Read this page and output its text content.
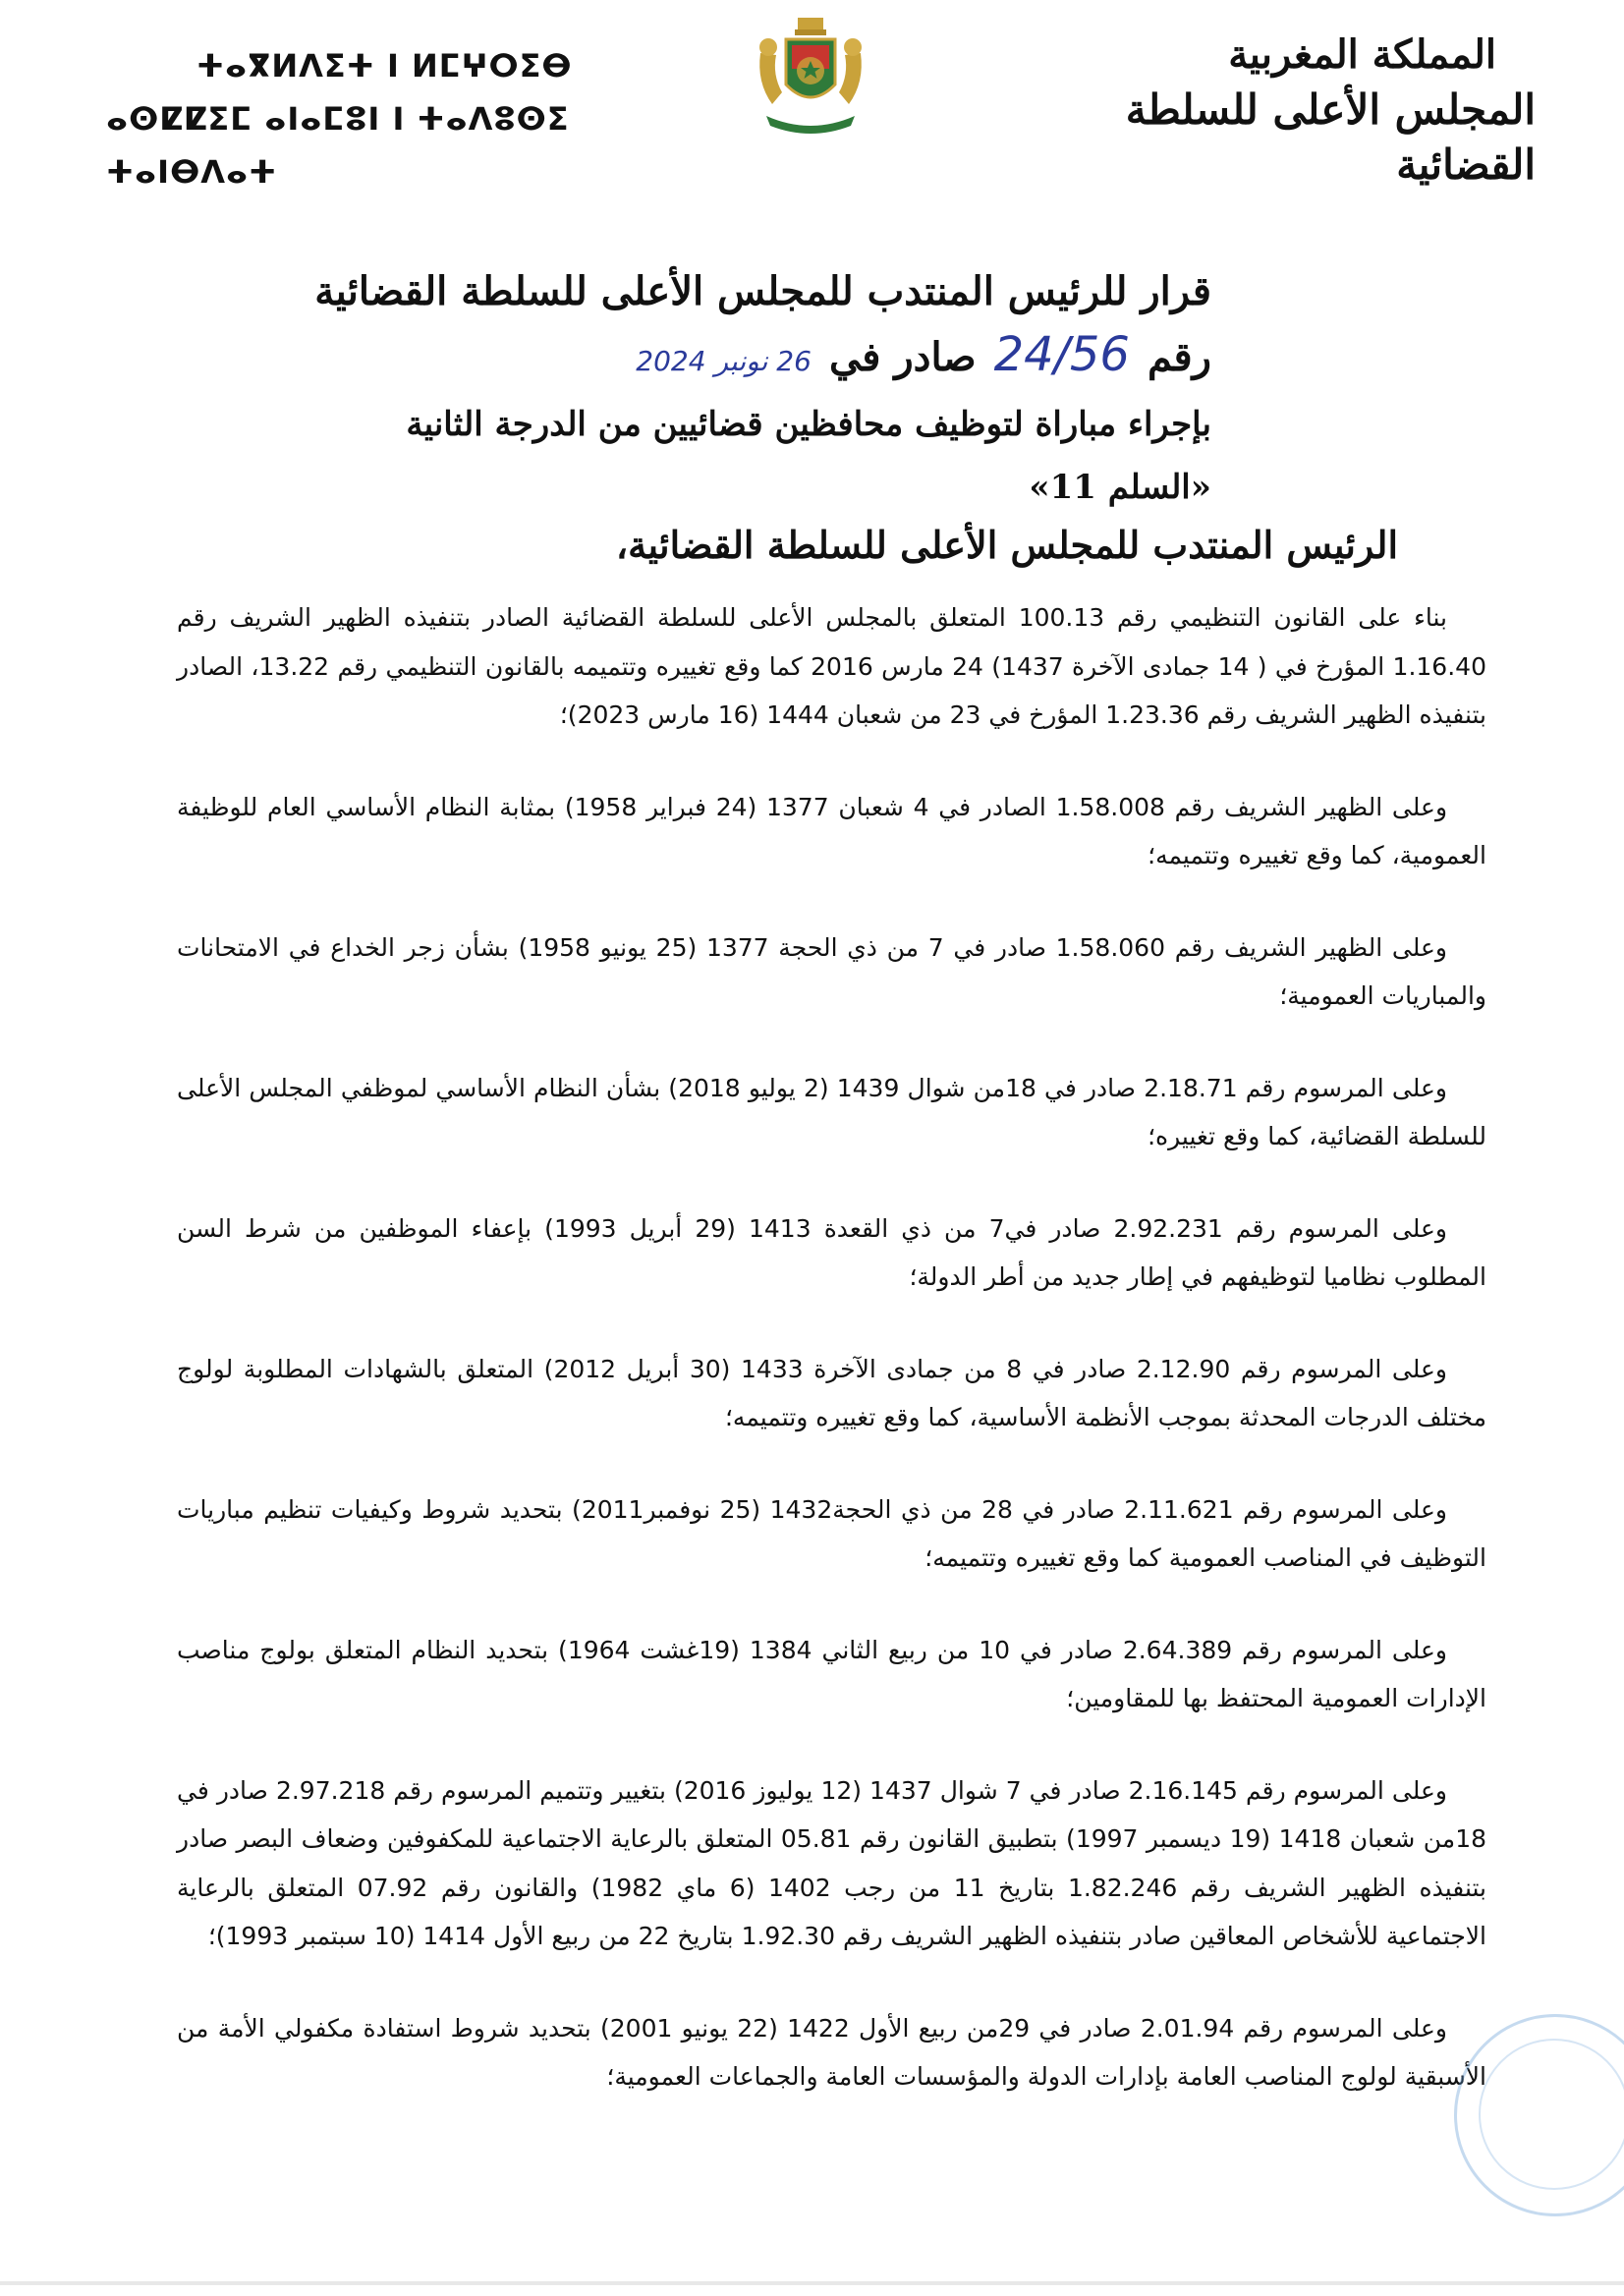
المملكة المغربية
المجلس الأعلى للسلطة القضائية
ⵜⴰⴳⵍⴷⵉⵜ ⵏ ⵍⵎⵖⵔⵉⴱ
ⴰⵙⵇⵇⵉⵎ ⴰⵏⴰⵎⵓⵏ ⵏ ⵜⴰⴷⵓⵙⵉ ⵜⴰⵏⴱⴷⴰⵜ
قرار للرئيس المنتدب للمجلس الأعلى للسلطة القضائية
رقم
24/56
صادر في
26 نونبر 2024
بإجراء مباراة لتوظيف محافظين قضائيين من الدرجة الثانية «السلم 11»
الرئيس المنتدب للمجلس الأعلى للسلطة القضائية،

بناء على القانون التنظيمي رقم 100.13 المتعلق بالمجلس الأعلى للسلطة القضائية الصادر بتنفيذه الظهير الشريف رقم 1.16.40 المؤرخ في ( 14 جمادى الآخرة 1437) 24 مارس 2016 كما وقع تغييره وتتميمه بالقانون التنظيمي رقم 13.22، الصادر بتنفيذه الظهير الشريف رقم 1.23.36 المؤرخ في 23 من شعبان 1444 (16 مارس 2023)؛

وعلى الظهير الشريف رقم 1.58.008 الصادر في 4 شعبان 1377 (24 فبراير 1958) بمثابة النظام الأساسي العام للوظيفة العمومية، كما وقع تغييره وتتميمه؛

وعلى الظهير الشريف رقم 1.58.060 صادر في 7 من ذي الحجة 1377 (25 يونيو 1958) بشأن زجر الخداع في الامتحانات والمباريات العمومية؛

وعلى المرسوم رقم 2.18.71 صادر في 18من شوال 1439 (2 يوليو 2018) بشأن النظام الأساسي لموظفي المجلس الأعلى للسلطة القضائية، كما وقع تغييره؛

وعلى المرسوم رقم 2.92.231 صادر في7 من ذي القعدة 1413 (29 أبريل 1993) بإعفاء الموظفين من شرط السن المطلوب نظاميا لتوظيفهم في إطار جديد من أطر الدولة؛

وعلى المرسوم رقم 2.12.90 صادر في 8 من جمادى الآخرة 1433 (30 أبريل 2012) المتعلق بالشهادات المطلوبة لولوج مختلف الدرجات المحدثة بموجب الأنظمة الأساسية، كما وقع تغييره وتتميمه؛

وعلى المرسوم رقم 2.11.621 صادر في 28 من ذي الحجة1432 (25 نوفمبر2011) بتحديد شروط وكيفيات تنظيم مباريات التوظيف في المناصب العمومية كما وقع تغييره وتتميمه؛

وعلى المرسوم رقم 2.64.389 صادر في 10 من ربيع الثاني 1384 (19غشت 1964) بتحديد النظام المتعلق بولوج مناصب الإدارات العمومية المحتفظ بها للمقاومين؛

وعلى المرسوم رقم 2.16.145 صادر في 7 شوال 1437 (12 يوليوز 2016) بتغيير وتتميم المرسوم رقم 2.97.218 صادر في 18من شعبان 1418 (19 ديسمبر 1997) بتطبيق القانون رقم 05.81 المتعلق بالرعاية الاجتماعية للمكفوفين وضعاف البصر صادر بتنفيذه الظهير الشريف رقم 1.82.246 بتاريخ 11 من رجب 1402 (6 ماي 1982) والقانون رقم 07.92 المتعلق بالرعاية الاجتماعية للأشخاص المعاقين صادر بتنفيذه الظهير الشريف رقم 1.92.30 بتاريخ 22 من ربيع الأول 1414 (10 سبتمبر 1993)؛

وعلى المرسوم رقم 2.01.94 صادر في 29من ربيع الأول 1422 (22 يونيو 2001) بتحديد شروط استفادة مكفولي الأمة من الأسبقية لولوج المناصب العامة بإدارات الدولة والمؤسسات العامة والجماعات العمومية؛
